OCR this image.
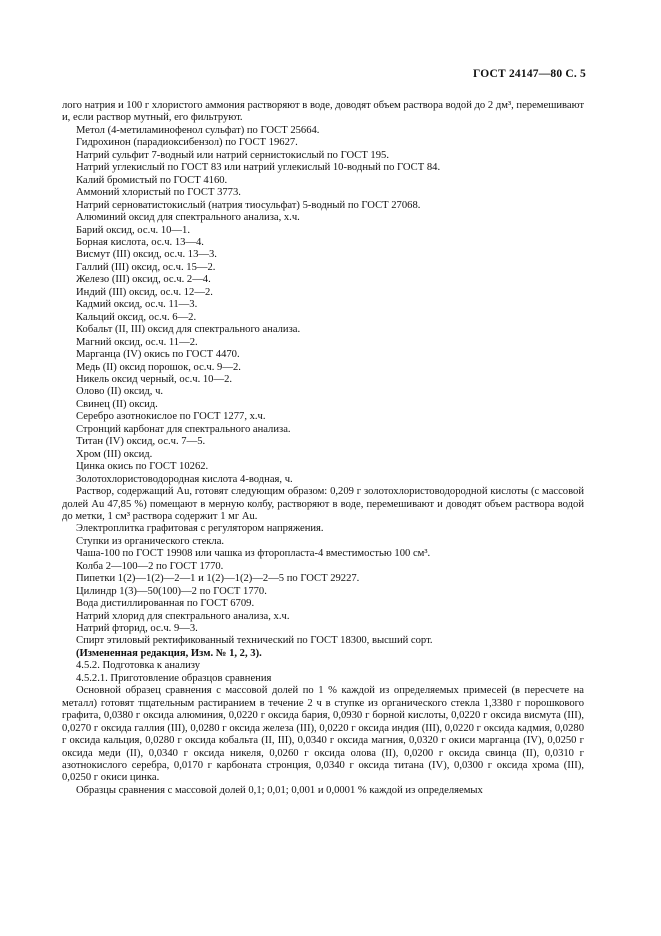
ГОСТ 24147—80 С. 5

лого натрия и 100 г хлористого аммония растворяют в воде, доводят объем раствора водой до 2 дм³, перемешивают и, если раствор мутный, его фильтруют.

Метол (4-метиламинофенол сульфат) по ГОСТ 25664.

Гидрохинон (парадиоксибензол) по ГОСТ 19627.

Натрий сульфит 7-водный или натрий сернистокислый по ГОСТ 195.

Натрий углекислый по ГОСТ 83 или натрий углекислый 10-водный по ГОСТ 84.

Калий бромистый по ГОСТ 4160.

Аммоний хлористый по ГОСТ 3773.

Натрий серноватистокислый (натрия тиосульфат) 5-водный по ГОСТ 27068.

Алюминий оксид для спектрального анализа, х.ч.

Барий оксид, ос.ч. 10—1.

Борная кислота, ос.ч. 13—4.

Висмут (III) оксид, ос.ч. 13—3.

Галлий (III) оксид, ос.ч. 15—2.

Железо (III) оксид, ос.ч. 2—4.

Индий (III) оксид, ос.ч. 12—2.

Кадмий оксид, ос.ч. 11—3.

Кальций оксид, ос.ч. 6—2.

Кобальт (II, III) оксид для спектрального анализа.

Магний оксид, ос.ч. 11—2.

Марганца (IV) окись по ГОСТ 4470.

Медь (II) оксид порошок, ос.ч. 9—2.

Никель оксид черный, ос.ч. 10—2.

Олово (II) оксид, ч.

Свинец (II) оксид.

Серебро азотнокислое по ГОСТ 1277, х.ч.

Стронций карбонат для спектрального анализа.

Титан (IV) оксид, ос.ч. 7—5.

Хром (III) оксид.

Цинка окись по ГОСТ 10262.

Золотохлористоводородная кислота 4-водная, ч.

Раствор, содержащий Au, готовят следующим образом: 0,209 г золотохлористоводородной кислоты (с массовой долей Au 47,85 %) помещают в мерную колбу, растворяют в воде, перемешивают и доводят объем раствора водой до метки, 1 см³ раствора содержит 1 мг Au.

Электроплитка графитовая с регулятором напряжения.

Ступки из органического стекла.

Чаша-100 по ГОСТ 19908 или чашка из фторопласта-4 вместимостью 100 см³.

Колба 2—100—2 по ГОСТ 1770.

Пипетки 1(2)—1(2)—2—1 и 1(2)—1(2)—2—5 по ГОСТ 29227.

Цилиндр 1(3)—50(100)—2 по ГОСТ 1770.

Вода дистиллированная по ГОСТ 6709.

Натрий хлорид для спектрального анализа, х.ч.

Натрий фторид, ос.ч. 9—3.

Спирт этиловый ректификованный технический по ГОСТ 18300, высший сорт.

(Измененная редакция, Изм. № 1, 2, 3).

4.5.2. Подготовка к анализу

4.5.2.1. Приготовление образцов сравнения

Основной образец сравнения с массовой долей по 1 % каждой из определяемых примесей (в пересчете на металл) готовят тщательным растиранием в течение 2 ч в ступке из органического стекла 1,3380 г порошкового графита, 0,0380 г оксида алюминия, 0,0220 г оксида бария, 0,0930 г борной кислоты, 0,0220 г оксида висмута (III), 0,0270 г оксида галлия (III), 0,0280 г оксида железа (III), 0,0220 г оксида индия (III), 0,0220 г оксида кадмия, 0,0280 г оксида кальция, 0,0280 г оксида кобальта (II, III), 0,0340 г оксида магния, 0,0320 г окиси марганца (IV), 0,0250 г оксида меди (II), 0,0340 г оксида никеля, 0,0260 г оксида олова (II), 0,0200 г оксида свинца (II), 0,0310 г азотнокислого серебра, 0,0170 г карбоната стронция, 0,0340 г оксида титана (IV), 0,0300 г оксида хрома (III), 0,0250 г окиси цинка.

Образцы сравнения с массовой долей 0,1; 0,01; 0,001 и 0,0001 % каждой из определяемых
